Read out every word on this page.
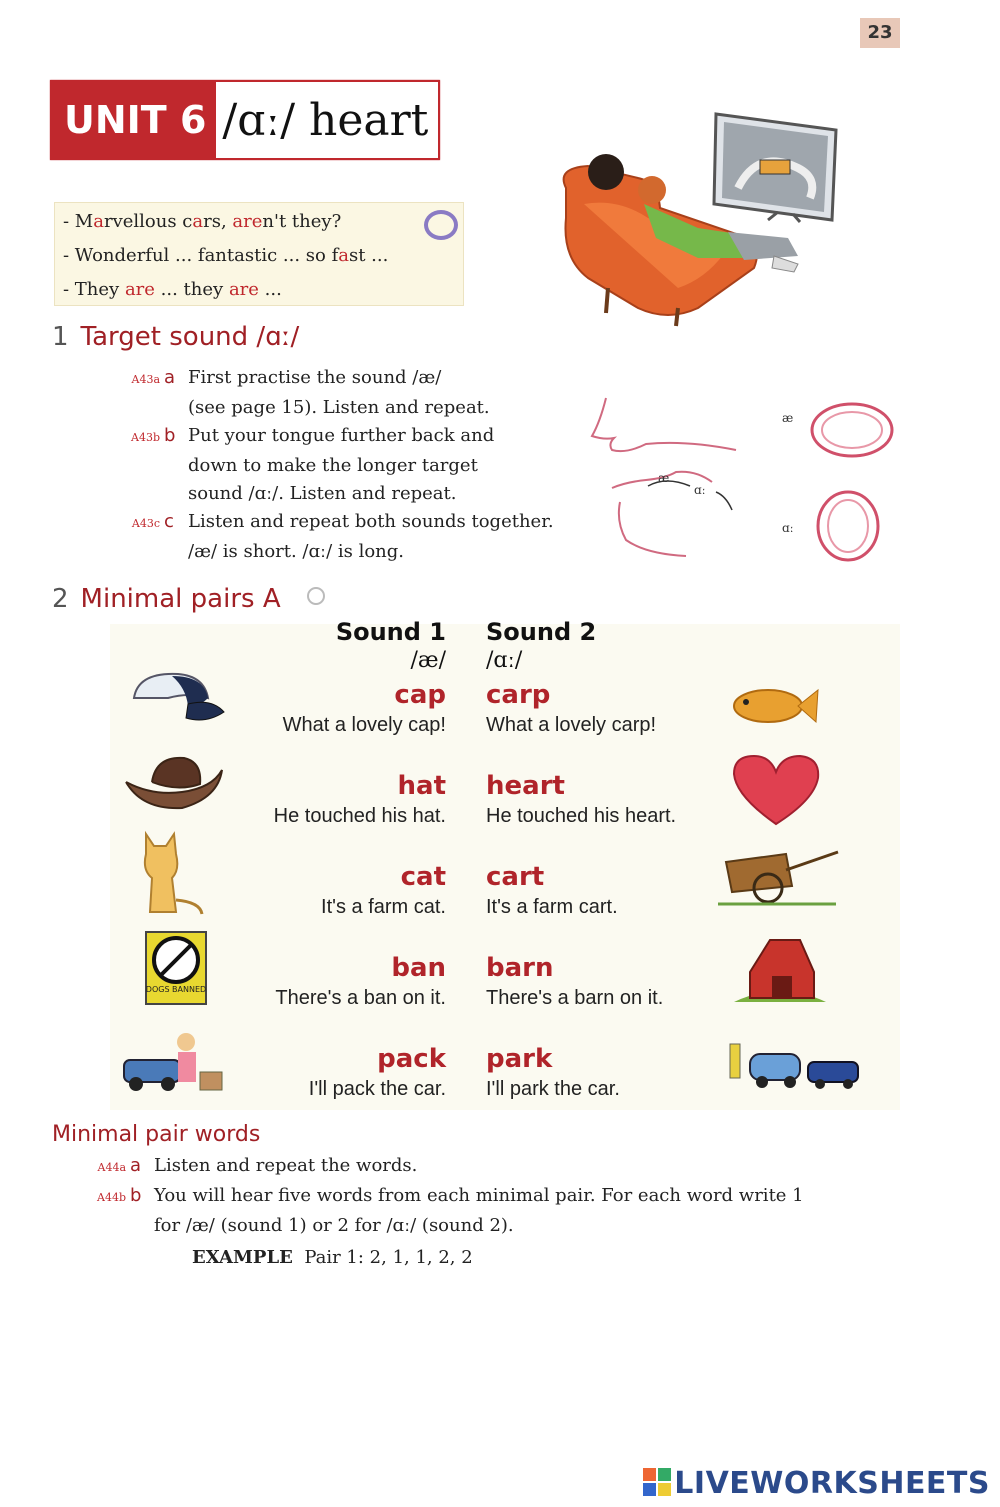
23
UNIT 6 /ɑː/ heart
- Marvellous cars, aren't they?
- Wonderful ... fantastic ... so fast ...
- They are ... they are ...
1 Target sound /ɑː/
A43a a First practise the sound /æ/
(see page 15). Listen and repeat.
A43b b Put your tongue further back and
down to make the longer target
sound /ɑː/. Listen and repeat.
A43c c Listen and repeat both sounds together.
/æ/ is short. /ɑː/ is long.
æ
ɑː
æ
ɑː
2 Minimal pairs A
Sound 1
/æ/
Sound 2
/ɑː/
cap
What a lovely cap!
carp
What a lovely carp!
hat
He touched his hat.
heart
He touched his heart.
cat
It's a farm cat.
cart
It's a farm cart.
ban
There's a ban on it.
barn
There's a barn on it.
pack
I'll pack the car.
park
I'll park the car.
DOGS BANNED
Minimal pair words
A44a a Listen and repeat the words.
A44b b You will hear five words from each minimal pair. For each word write 1
for /æ/ (sound 1) or 2 for /ɑː/ (sound 2).
EXAMPLE Pair 1: 2, 1, 1, 2, 2
LIVEWORKSHEETS
